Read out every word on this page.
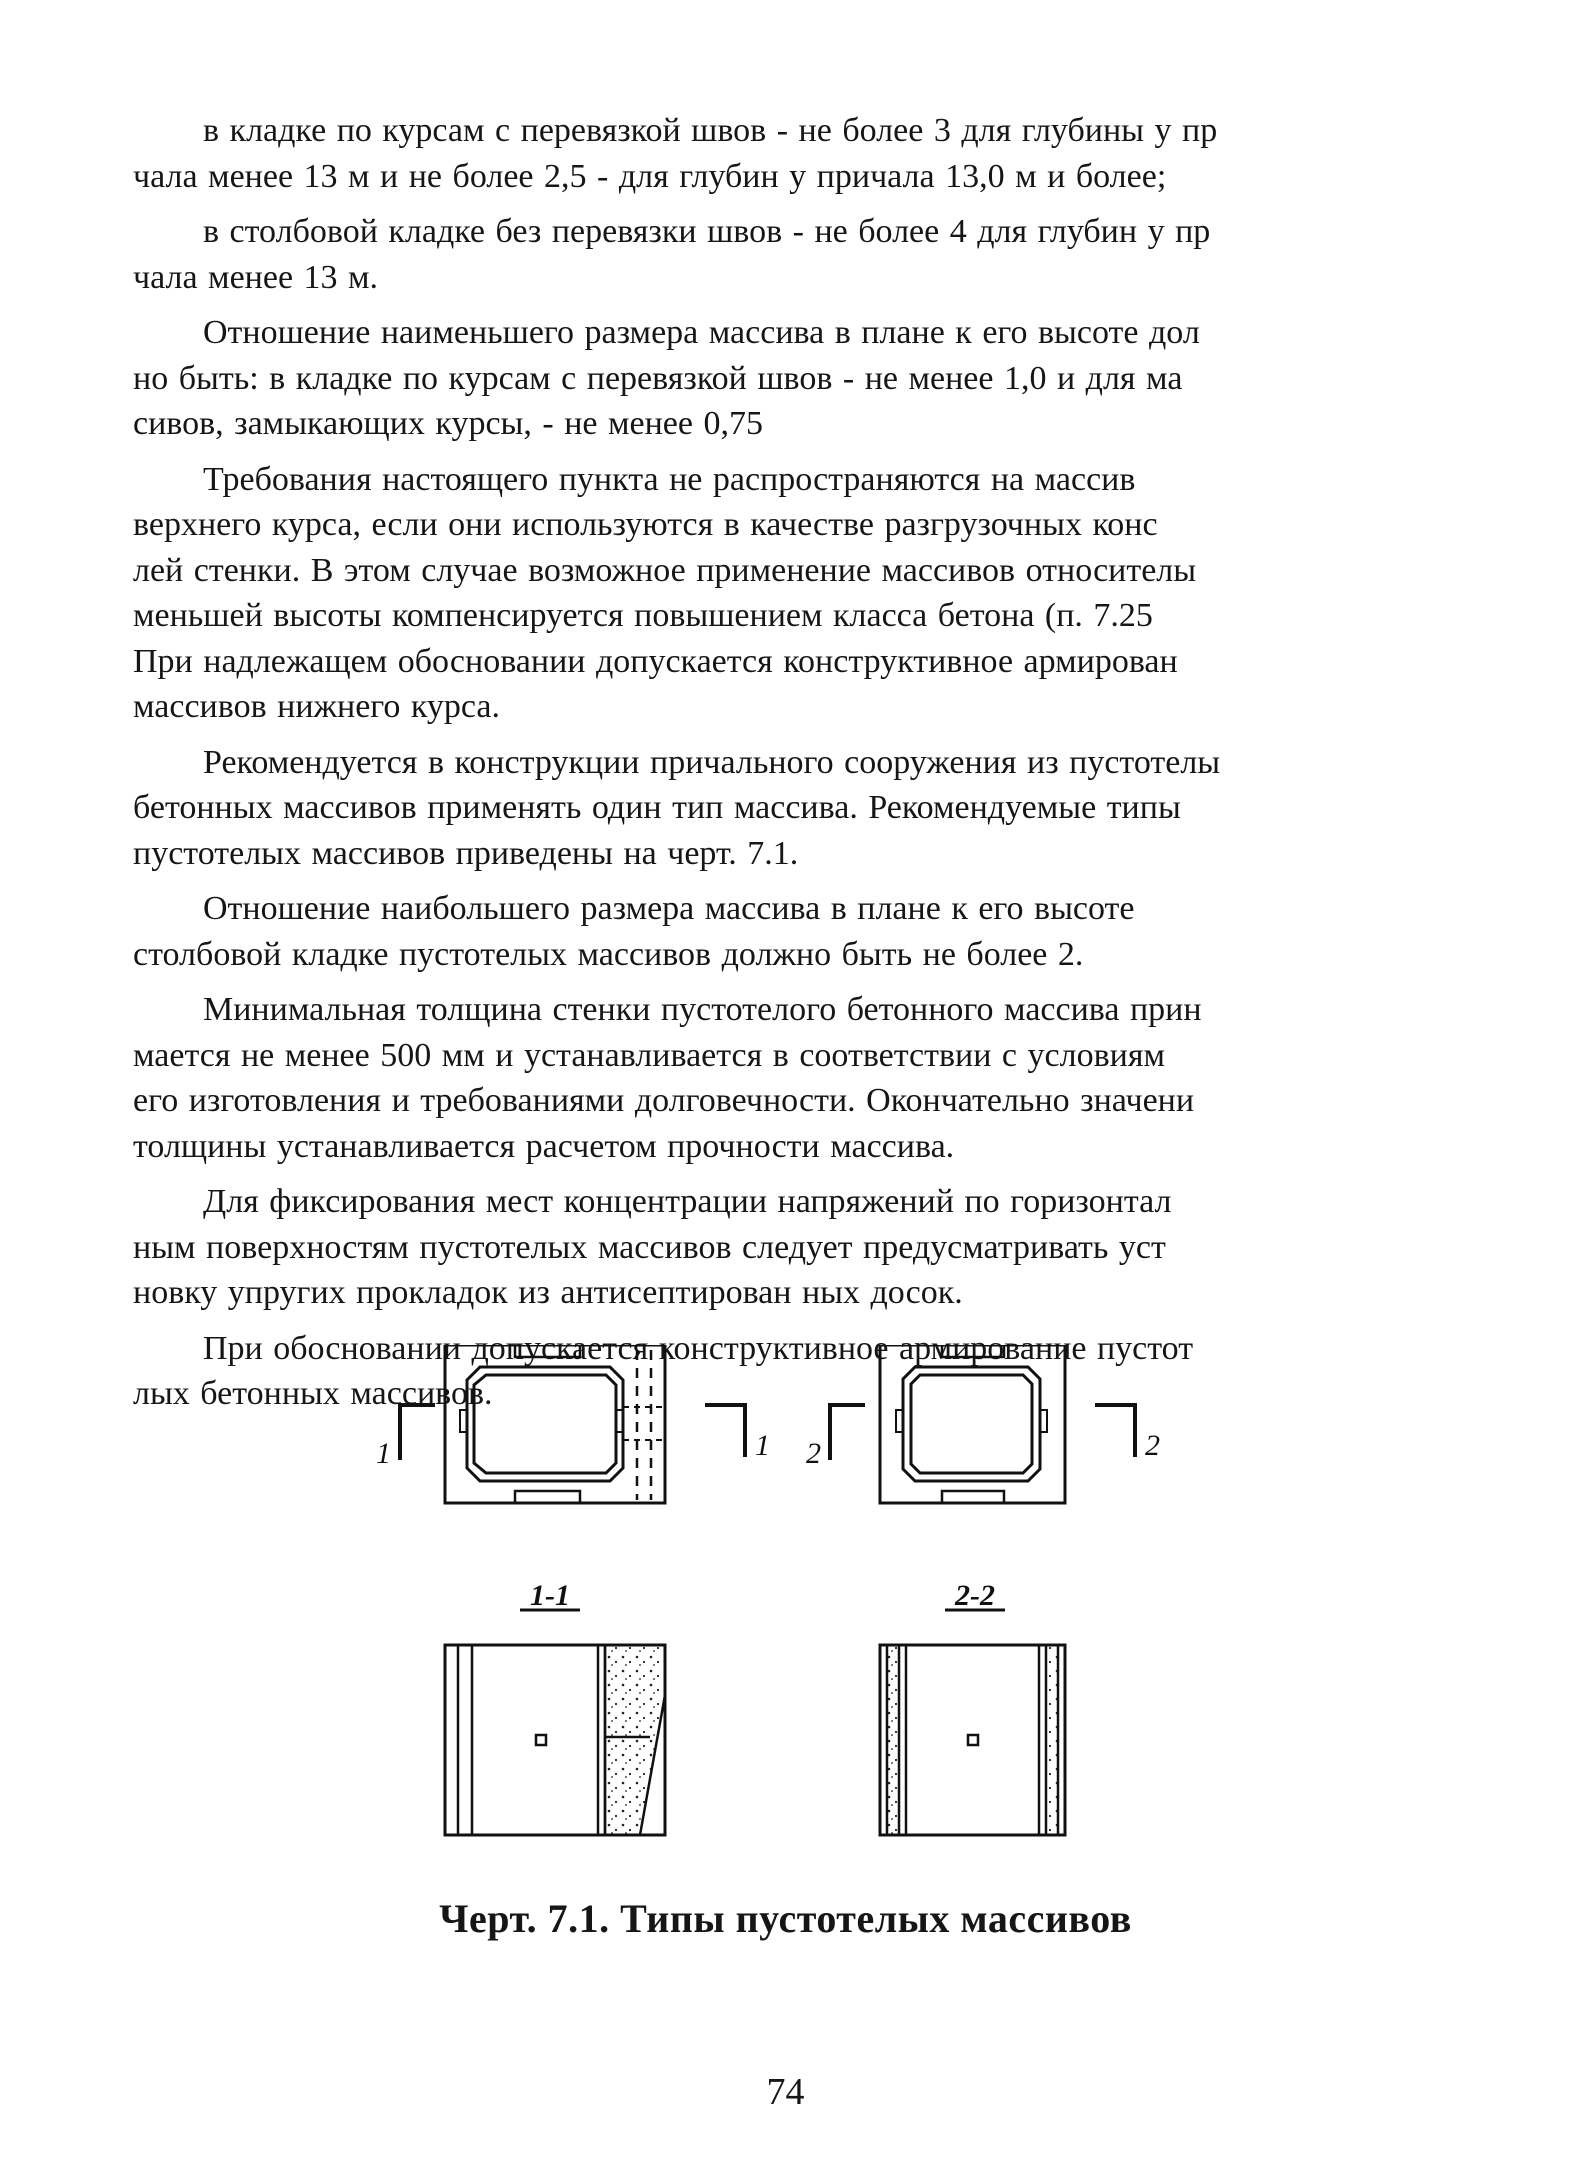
в кладке по курсам с перевязкой швов - не более 3 для глубины у пр
чала менее 13 м и не более 2,5 - для глубин у причала 13,0 м и более;

в столбовой кладке без перевязки швов - не более 4 для глубин у пр
чала менее 13 м.

Отношение наименьшего размера массива в плане к его высоте дол
но быть: в кладке по курсам с перевязкой швов - не менее 1,0 и для ма
сивов, замыкающих курсы, - не менее 0,75

Требования настоящего пункта не распространяются на массив
верхнего курса, если они используются в качестве разгрузочных конс
лей стенки. В этом случае возможное применение массивов относителы
меньшей высоты компенсируется повышением класса бетона (п. 7.25
При надлежащем обосновании допускается конструктивное армирован
массивов нижнего курса.

Рекомендуется в конструкции причального сооружения из пустотелы
бетонных массивов применять один тип массива. Рекомендуемые типы
пустотелых массивов приведены на черт. 7.1.

Отношение наибольшего размера массива в плане к его высоте
столбовой кладке пустотелых массивов должно быть не более 2.

Минимальная толщина стенки пустотелого бетонного массива прин
мается не менее 500 мм и устанавливается в соответствии с условиям
его изготовления и требованиями долговечности. Окончательно значени
толщины устанавливается расчетом прочности массива.

Для фиксирования мест концентрации напряжений по горизонтал
ным поверхностям пустотелых массивов следует предусматривать уст
новку упругих прокладок из антисептирован ных досок.

При обосновании допускается конструктивное армирование пустот
лых бетонных массивов.

1	1 2	2
1-1	2-2
Черт. 7.1. Типы пустотелых массивов
74
